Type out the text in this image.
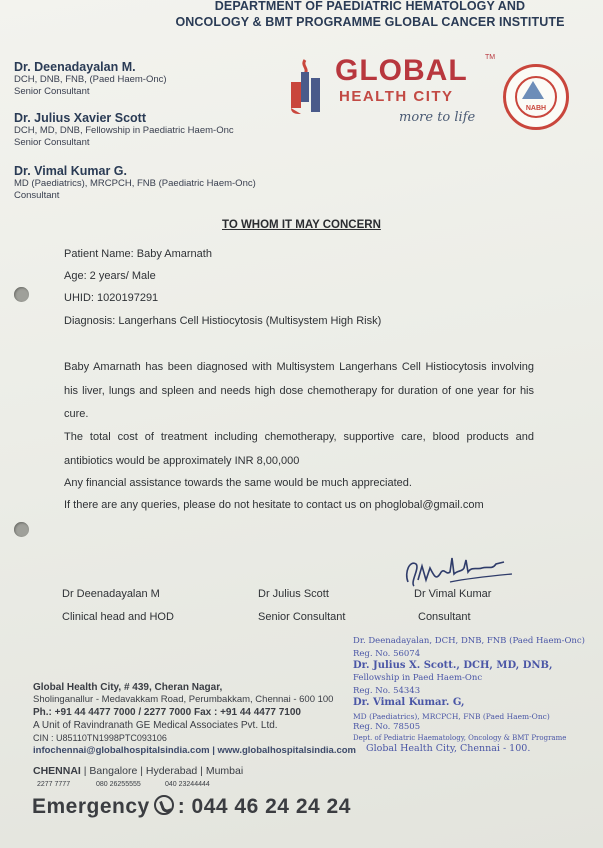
DEPARTMENT OF PAEDIATRIC HEMATOLOGY AND
ONCOLOGY & BMT PROGRAMME GLOBAL CANCER INSTITUTE
Dr. Deenadayalan M.
DCH, DNB, FNB, (Paed Haem-Onc)
Senior Consultant
Dr. Julius Xavier Scott
DCH, MD, DNB, Fellowship in Paediatric Haem-Onc
Senior Consultant
Dr. Vimal Kumar G.
MD (Paediatrics), MRCPCH, FNB (Paediatric Haem-Onc)
Consultant
GLOBAL TM
HEALTH CITY
more to life
NABH
TO WHOM IT MAY CONCERN
Patient Name: Baby Amarnath
Age: 2 years/ Male
UHID: 1020197291
Diagnosis: Langerhans Cell Histiocytosis (Multisystem High Risk)
Baby Amarnath has been diagnosed with Multisystem Langerhans Cell Histiocytosis involving his liver, lungs and spleen and needs high dose chemotherapy for duration of one year for his cure.
The total cost of treatment including chemotherapy, supportive care, blood products and antibiotics would be approximately INR 8,00,000
Any financial assistance towards the same would be much appreciated.
If there are any queries, please do not hesitate to contact us on phoglobal@gmail.com
Dr Deenadayalan M
Clinical head and HOD
Dr Julius Scott
Senior Consultant
Dr Vimal Kumar
Consultant
Dr. Deenadayalan, DCH, DNB, FNB (Paed Haem-Onc)
Reg. No. 56074
Dr. Julius X. Scott., DCH, MD, DNB,
Fellowship in Paed Haem-Onc
Reg. No. 54343
Dr. Vimal Kumar. G,
MD (Paediatrics), MRCPCH, FNB (Paed Haem-Onc)
Reg. No. 78505
Dept. of Pediatric Haematology, Oncology & BMT Programe
Global Health City, Chennai - 100.
Global Health City, # 439, Cheran Nagar,
Sholinganallur - Medavakkam Road, Perumbakkam, Chennai - 600 100
Ph.: +91 44 4477 7000 / 2277 7000 Fax : +91 44 4477 7100
A Unit of Ravindranath GE Medical Associates Pvt. Ltd.
CIN : U85110TN1998PTC093106
infochennai@globalhospitalsindia.com | www.globalhospitalsindia.com
CHENNAI | Bangalore | Hyderabad | Mumbai
2277 7777	080 26255555	040 23244444
Emergency : 044 46 24 24 24
